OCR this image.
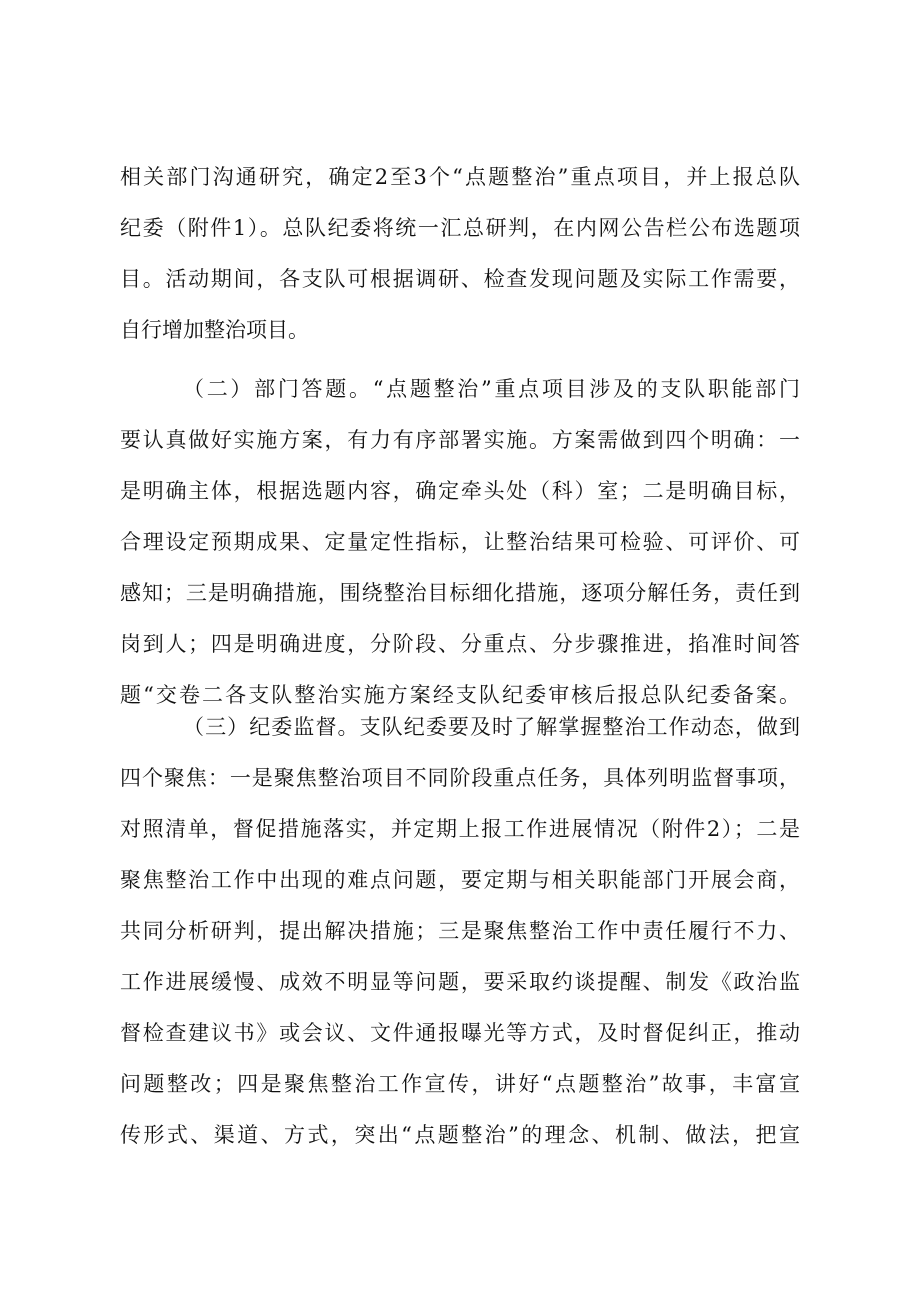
相关部门沟通研究，确定2至3个“点题整治”重点项目，并上报总队
纪委（附件1）。总队纪委将统一汇总研判，在内网公告栏公布选题项
目。活动期间，各支队可根据调研、检查发现问题及实际工作需要，
自行增加整治项目。
（二）部门答题。“点题整治”重点项目涉及的支队职能部门
要认真做好实施方案，有力有序部署实施。方案需做到四个明确：一
是明确主体，根据选题内容，确定牵头处（科）室；二是明确目标，
合理设定预期成果、定量定性指标，让整治结果可检验、可评价、可
感知；三是明确措施，围绕整治目标细化措施，逐项分解任务，责任到
岗到人；四是明确进度，分阶段、分重点、分步骤推进，掐准时间答
题“交卷二各支队整治实施方案经支队纪委审核后报总队纪委备案。
（三）纪委监督。支队纪委要及时了解掌握整治工作动态，做到
四个聚焦：一是聚焦整治项目不同阶段重点任务，具体列明监督事项，
对照清单，督促措施落实，并定期上报工作进展情况（附件2）；二是
聚焦整治工作中出现的难点问题，要定期与相关职能部门开展会商，
共同分析研判，提出解决措施；三是聚焦整治工作中责任履行不力、
工作进展缓慢、成效不明显等问题，要采取约谈提醒、制发《政治监
督检查建议书》或会议、文件通报曝光等方式，及时督促纠正，推动
问题整改；四是聚焦整治工作宣传，讲好“点题整治”故事，丰富宣
传形式、渠道、方式，突出“点题整治”的理念、机制、做法，把宣
